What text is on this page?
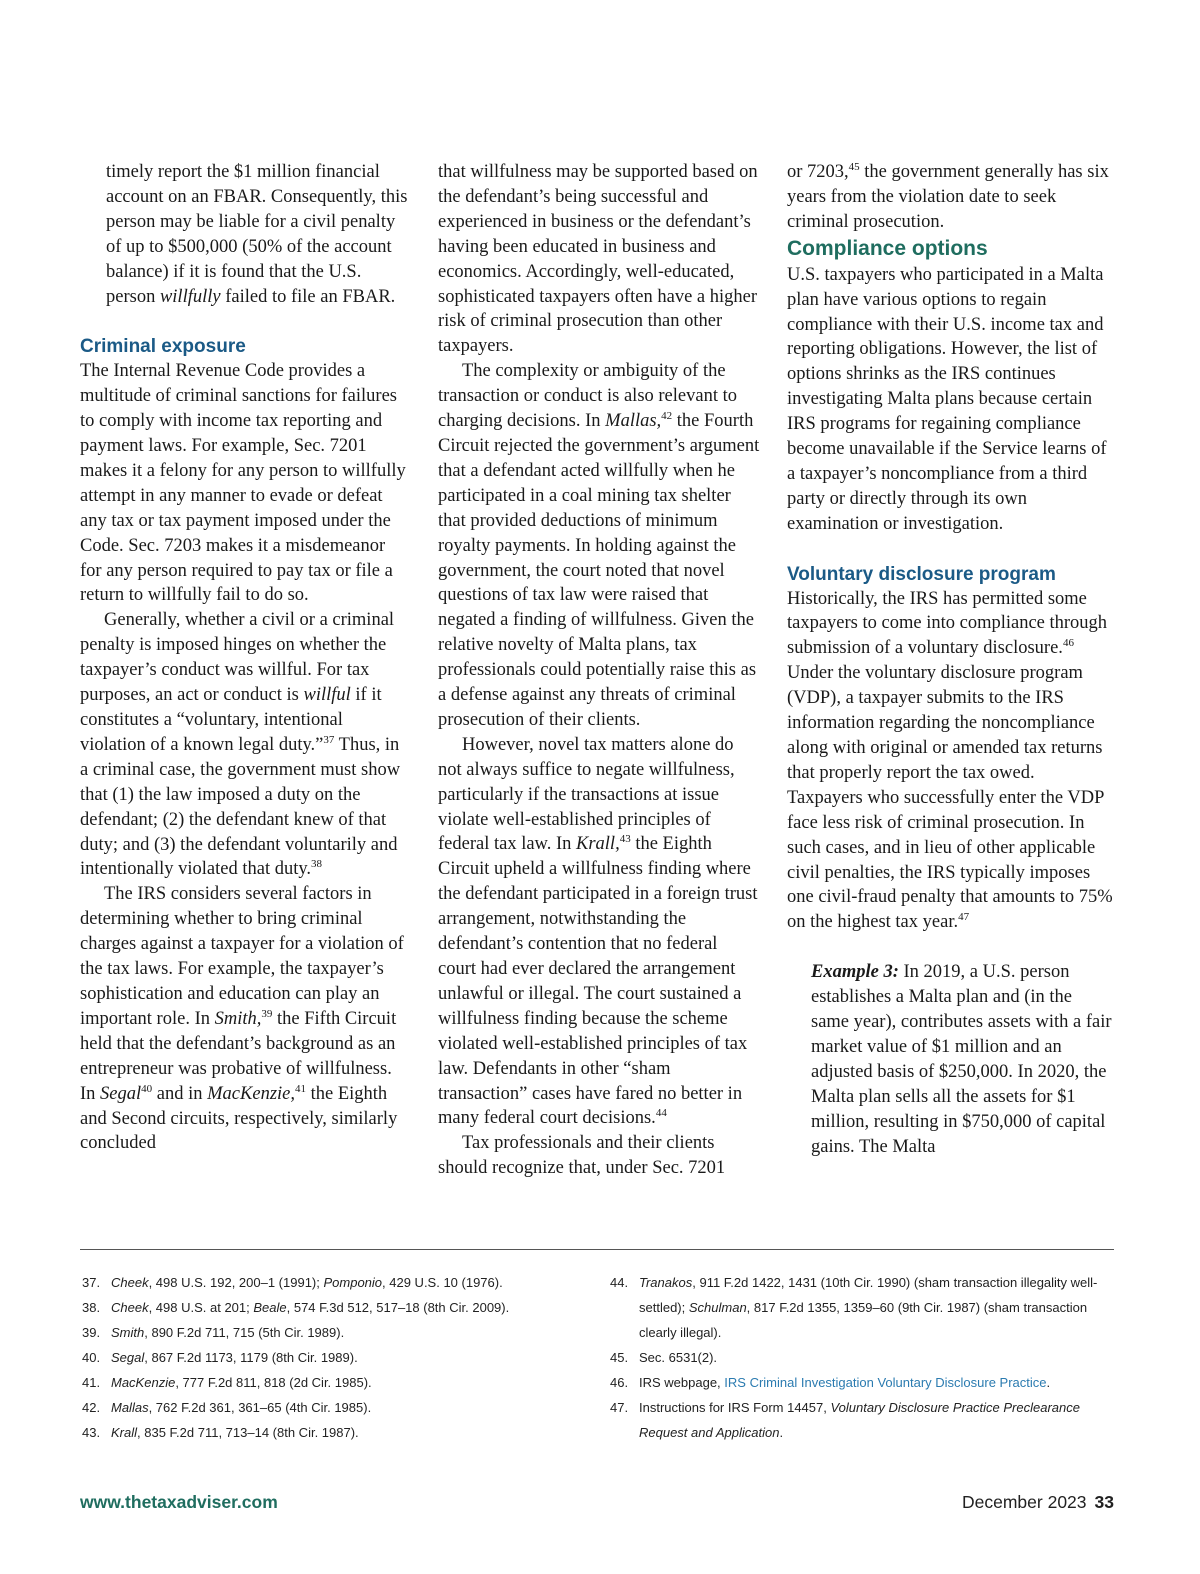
timely report the $1 million financial account on an FBAR. Consequently, this person may be liable for a civil penalty of up to $500,000 (50% of the account balance) if it is found that the U.S. person willfully failed to file an FBAR.

Criminal exposure

The Internal Revenue Code provides a multitude of criminal sanctions for failures to comply with income tax reporting and payment laws. For example, Sec. 7201 makes it a felony for any person to willfully attempt in any manner to evade or defeat any tax or tax payment imposed under the Code. Sec. 7203 makes it a misdemeanor for any person required to pay tax or file a return to willfully fail to do so.

Generally, whether a civil or a criminal penalty is imposed hinges on whether the taxpayer’s conduct was willful. For tax purposes, an act or conduct is willful if it constitutes a “voluntary, intentional violation of a known legal duty.”$^{37}$ Thus, in a criminal case, the government must show that (1) the law imposed a duty on the defendant; (2) the defendant knew of that duty; and (3) the defendant voluntarily and intentionally violated that duty.$^{38}$

The IRS considers several factors in determining whether to bring criminal charges against a taxpayer for a violation of the tax laws. For example, the taxpayer’s sophistication and education can play an important role. In Smith,$^{39}$ the Fifth Circuit held that the defendant’s background as an entrepreneur was probative of willfulness. In Segal$^{40}$ and in MacKenzie,$^{41}$ the Eighth and Second circuits, respectively, similarly concluded

that willfulness may be supported based on the defendant’s being successful and experienced in business or the defendant’s having been educated in business and economics. Accordingly, well-educated, sophisticated taxpayers often have a higher risk of criminal prosecution than other taxpayers.

The complexity or ambiguity of the transaction or conduct is also relevant to charging decisions. In Mallas,$^{42}$ the Fourth Circuit rejected the government’s argument that a defendant acted willfully when he participated in a coal mining tax shelter that provided deductions of minimum royalty payments. In holding against the government, the court noted that novel questions of tax law were raised that negated a finding of willfulness. Given the relative novelty of Malta plans, tax professionals could potentially raise this as a defense against any threats of criminal prosecution of their clients.

However, novel tax matters alone do not always suffice to negate willfulness, particularly if the transactions at issue violate well-established principles of federal tax law. In Krall,$^{43}$ the Eighth Circuit upheld a willfulness finding where the defendant participated in a foreign trust arrangement, notwithstanding the defendant’s contention that no federal court had ever declared the arrangement unlawful or illegal. The court sustained a willfulness finding because the scheme violated well-established principles of tax law. Defendants in other “sham transaction” cases have fared no better in many federal court decisions.$^{44}$

Tax professionals and their clients should recognize that, under Sec. 7201

or 7203,45 the government generally has six years from the violation date to seek criminal prosecution.

Compliance options

U.S. taxpayers who participated in a Malta plan have various options to regain compliance with their U.S. income tax and reporting obligations. However, the list of options shrinks as the IRS continues investigating Malta plans because certain IRS programs for regaining compliance become unavailable if the Service learns of a taxpayer’s noncompliance from a third party or directly through its own examination or investigation.

Voluntary disclosure program

Historically, the IRS has permitted some taxpayers to come into compliance through submission of a voluntary disclosure.$^{46}$ Under the voluntary disclosure program (VDP), a taxpayer submits to the IRS information regarding the noncompliance along with original or amended tax returns that properly report the tax owed. Taxpayers who successfully enter the VDP face less risk of criminal prosecution. In such cases, and in lieu of other applicable civil penalties, the IRS typically imposes one civil-fraud penalty that amounts to 75% on the highest tax year.$^{47}$

Example 3: In 2019, a U.S. person establishes a Malta plan and (in the same year), contributes assets with a fair market value of $1 million and an adjusted basis of $250,000. In 2020, the Malta plan sells all the assets for $1 million, resulting in $750,000 of capital gains. The Malta
37. Cheek, 498 U.S. 192, 200–1 (1991); Pomponio, 429 U.S. 10 (1976).
38. Cheek, 498 U.S. at 201; Beale, 574 F.3d 512, 517–18 (8th Cir. 2009).
39. Smith, 890 F.2d 711, 715 (5th Cir. 1989).
40. Segal, 867 F.2d 1173, 1179 (8th Cir. 1989).
41. MacKenzie, 777 F.2d 811, 818 (2d Cir. 1985).
42. Mallas, 762 F.2d 361, 361–65 (4th Cir. 1985).
43. Krall, 835 F.2d 711, 713–14 (8th Cir. 1987).
44. Tranakos, 911 F.2d 1422, 1431 (10th Cir. 1990) (sham transaction illegality well-settled); Schulman, 817 F.2d 1355, 1359–60 (9th Cir. 1987) (sham transaction clearly illegal).
45. Sec. 6531(2).
46. IRS webpage, IRS Criminal Investigation Voluntary Disclosure Practice.
47. Instructions for IRS Form 14457, Voluntary Disclosure Practice Preclearance Request and Application.
www.thetaxadviser.com	December 2023 33
